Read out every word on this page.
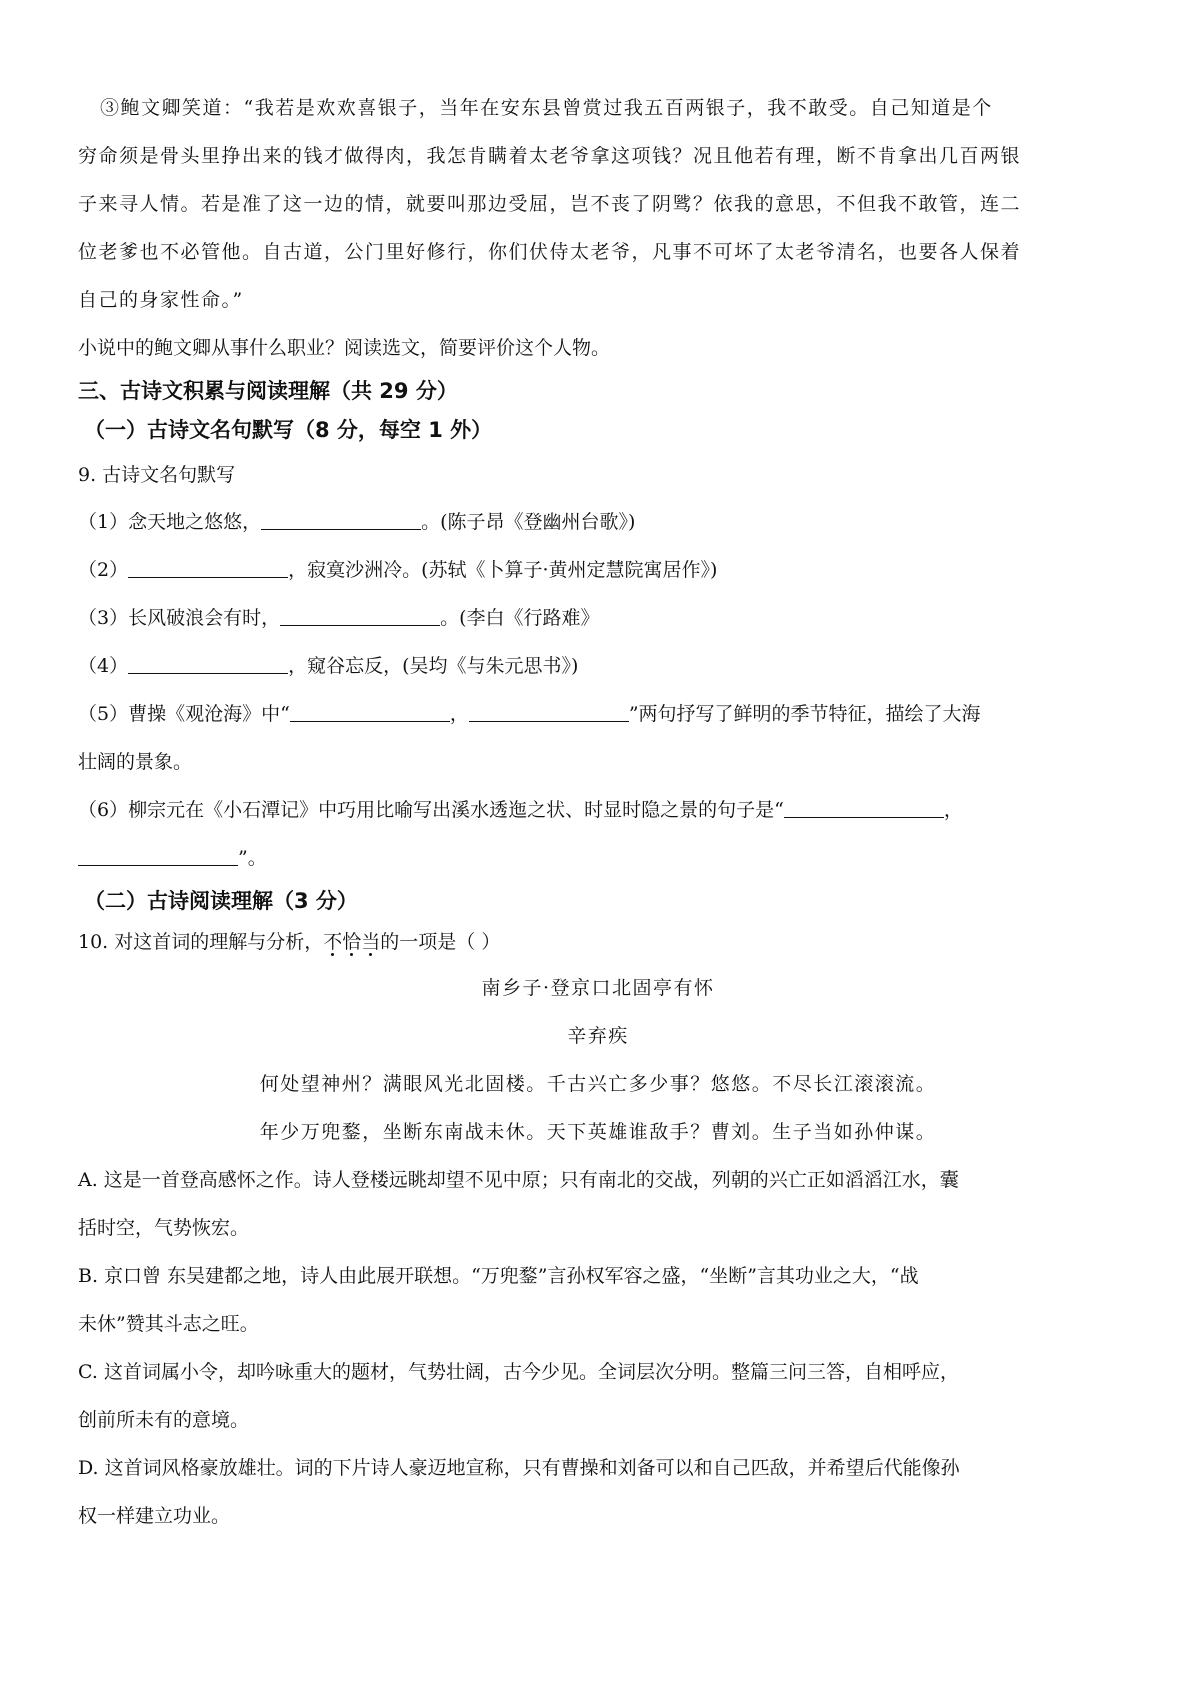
③鲍文卿笑道：“我若是欢欢喜银子，当年在安东县曾赏过我五百两银子，我不敢受。自己知道是个

穷命须是骨头里挣出来的钱才做得肉，我怎肯瞒着太老爷拿这项钱？况且他若有理，断不肯拿出几百两银

子来寻人情。若是准了这一边的情，就要叫那边受屈，岂不丧了阴骘？依我的意思，不但我不敢管，连二

位老爹也不必管他。自古道，公门里好修行，你们伏侍太老爷，凡事不可坏了太老爷清名，也要各人保着

自己的身家性命。”

小说中的鲍文卿从事什么职业？阅读选文，简要评价这个人物。

三、古诗文积累与阅读理解（共 29 分）

（一）古诗文名句默写（8 分，每空 1 外）

9. 古诗文名句默写

（1）念天地之悠悠，	。(陈子昂《登幽州台歌》)

（2）	，寂寞沙洲冷。(苏轼《卜算子·黄州定慧院寓居作》)

（3）长风破浪会有时，	。(李白《行路难》

（4）	，窥谷忘反，(吴均《与朱元思书》)

（5）曹操《观沧海》中“	，	”两句抒写了鲜明的季节特征，描绘了大海

壮阔的景象。

（6）柳宗元在《小石潭记》中巧用比喻写出溪水透迤之状、时显时隐之景的句子是“	，

”。

（二）古诗阅读理解（3 分）

10. 对这首词的理解与分析，不恰当
的一项是（ ）

南乡子·登京口北固亭有怀

辛弃疾

何处望神州？满眼风光北固楼。千古兴亡多少事？悠悠。不尽长江滚滚流。

年少万兜鍪，坐断东南战未休。天下英雄谁敌手？曹刘。生子当如孙仲谋。

A. 这是一首登高感怀之作。诗人登楼远眺却望不见中原；只有南北的交战，列朝的兴亡正如滔滔江水，囊

括时空，气势恢宏。

B. 京口曾 东吴建都之地，诗人由此展开联想。“万兜鍪”言孙权军容之盛，“坐断”言其功业之大，“战

未休”赞其斗志之旺。

C. 这首词属小令，却吟咏重大的题材，气势壮阔，古今少见。全词层次分明。整篇三问三答，自相呼应，

创前所未有的意境。

D. 这首词风格豪放雄壮。词的下片诗人豪迈地宣称，只有曹操和刘备可以和自己匹敌，并希望后代能像孙

权一样建立功业。
